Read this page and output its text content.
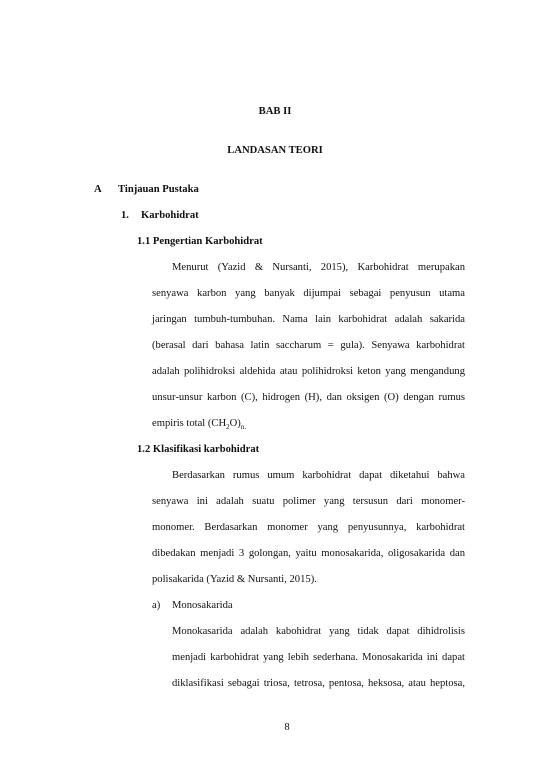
BAB II
LANDASAN TEORI
A Tinjauan Pustaka
1. Karbohidrat
1.1 Pengertian Karbohidrat
Menurut (Yazid & Nursanti, 2015), Karbohidrat merupakan
senyawa karbon yang banyak dijumpai sebagai penyusun utama
jaringan tumbuh-tumbuhan. Nama lain karbohidrat adalah sakarida
(berasal dari bahasa latin saccharum = gula). Senyawa karbohidrat
adalah polihidroksi aldehida atau polihidroksi keton yang mengandung
unsur-unsur karbon (C), hidrogen (H), dan oksigen (O) dengan rumus
empiris total $(CH_2O)_{n.}$
1.2 Klasifikasi karbohidrat
Berdasarkan rumus umum karbohidrat dapat diketahui bahwa
senyawa ini adalah suatu polimer yang tersusun dari monomer-
monomer. Berdasarkan monomer yang penyusunnya, karbohidrat
dibedakan menjadi 3 golongan, yaitu monosakarida, oligosakarida dan
polisakarida (Yazid & Nursanti, 2015).
a) Monosakarida
Monokasarida adalah kabohidrat yang tidak dapat dihidrolisis
menjadi karbohidrat yang lebih sederhana. Monosakarida ini dapat
diklasifikasi sebagai triosa, tetrosa, pentosa, heksosa, atau heptosa,
8
